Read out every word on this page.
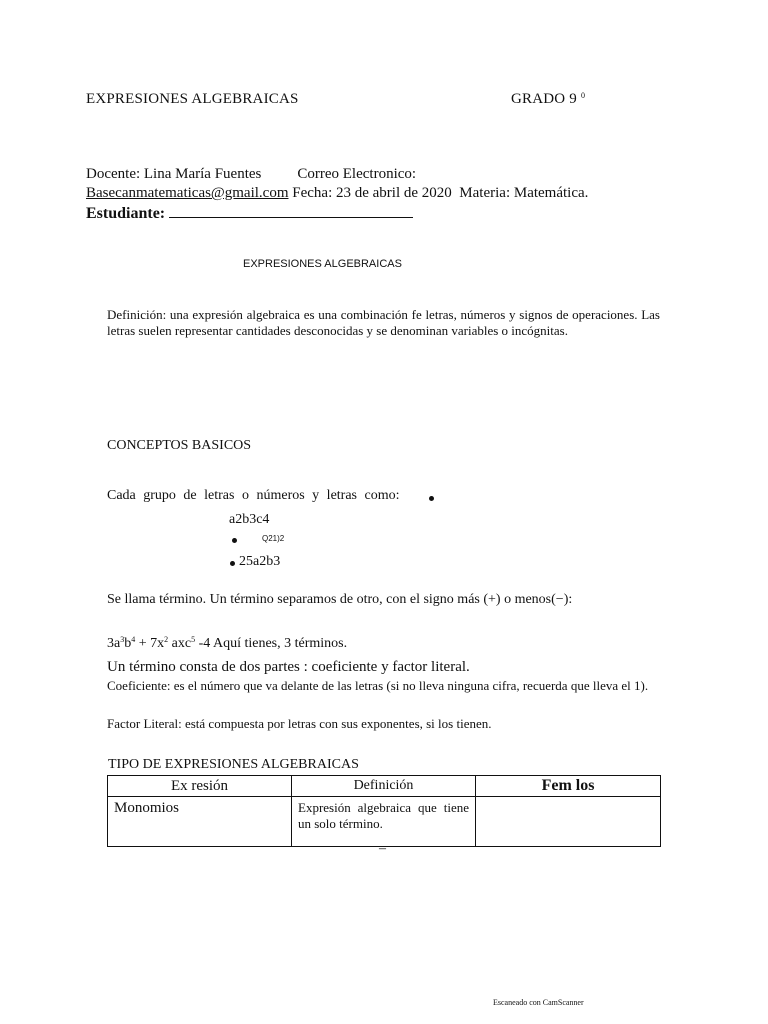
EXPRESIONES ALGEBRAICAS	GRADO 9 $^0$
Docente: Lina María Fuentes Correo Electronico:
Basecanmatematicas@gmail.com Fecha: 23 de abril de 2020 Materia: Matemática.
Estudiante:
EXPRESIONES ALGEBRAICAS
Definición: una expresión algebraica es una combinación fe letras, números y signos de operaciones. Las letras suelen representar cantidades desconocidas y se denominan variables o incógnitas.
CONCEPTOS BASICOS
Cada grupo de letras o números y letras como:
a2b3c4
Q21)2
25a2b3
Se llama término. Un término separamos de otro, con el signo más (+) o menos(−):
$3a^3b^4 + 7x^2$ axc$^5$ -4 Aquí tienes, 3 términos.
Un término consta de dos partes : coeficiente y factor literal.
Coeficiente: es el número que va delante de las letras (si no lleva ninguna cifra, recuerda que lleva el 1).
Factor Literal: está compuesta por letras con sus exponentes, si los tienen.
TIPO DE EXPRESIONES ALGEBRAICAS
Ex resión	Definición	Fem los
Monomios	Expresión algebraica que tiene un solo término.	
–
Escaneado con CamScanner
